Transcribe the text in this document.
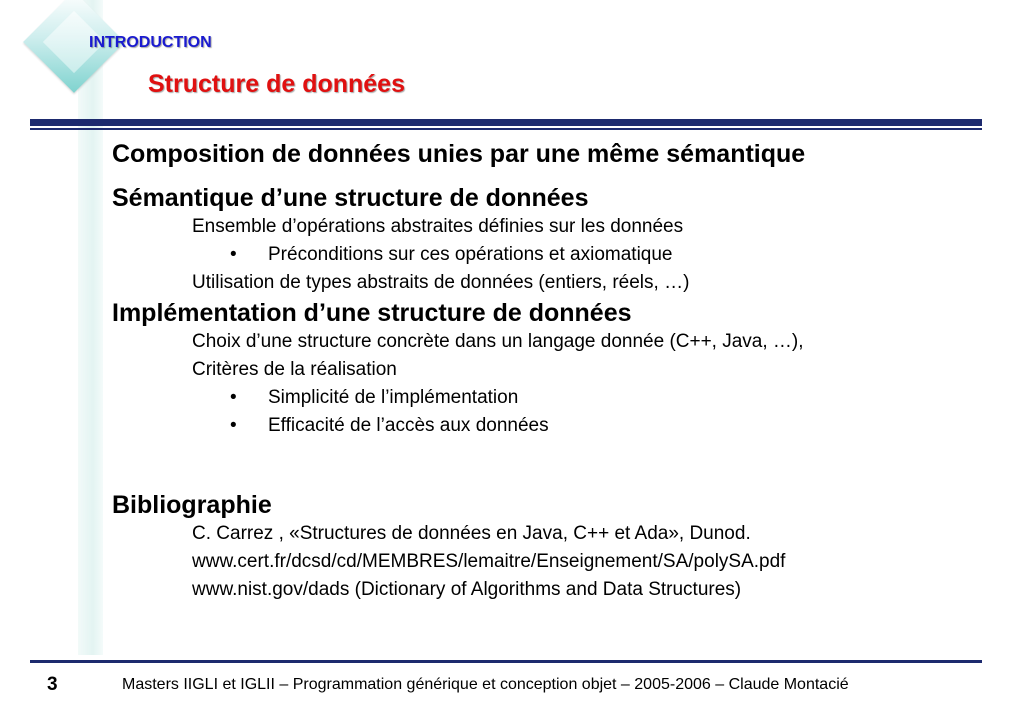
INTRODUCTION
Structure de données
Composition de données unies par une même sémantique
Sémantique d’une structure de données
Ensemble d’opérations abstraites définies sur les données
• Préconditions sur ces opérations et axiomatique
Utilisation de types abstraits de données (entiers, réels, …)
Implémentation d’une structure de données
Choix d’une structure concrète dans un langage donnée (C++, Java, …),
Critères de la réalisation
• Simplicité de l’implémentation
• Efficacité de l’accès aux données
Bibliographie
C. Carrez , «Structures de données en Java, C++ et Ada», Dunod.
www.cert.fr/dcsd/cd/MEMBRES/lemaitre/Enseignement/SA/polySA.pdf
www.nist.gov/dads (Dictionary of Algorithms and Data Structures)
3	Masters IIGLI et IGLII – Programmation générique et conception objet – 2005-2006 – Claude Montacié
